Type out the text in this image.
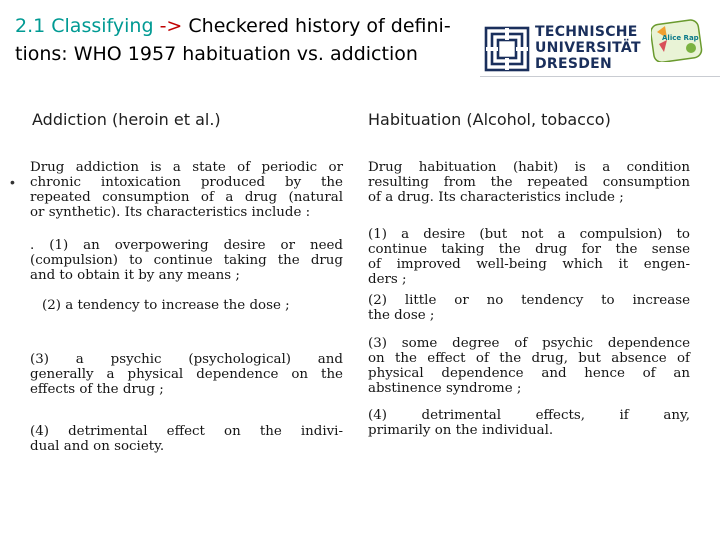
2.1 Classifying -> Checkered history of defini-
tions: WHO 1957 habituation vs. addiction
TECHNISCHE
UNIVERSITÄT
DRESDEN
Alice Rap
Addiction (heroin et al.)	Habituation (Alcohol, tobacco)
•
Drug addiction is a state of periodic or
chronic intoxication produced by the
repeated consumption of a drug (natural
or synthetic). Its characteristics include :
. (1) an overpowering desire or need
(compulsion) to continue taking the drug
and to obtain it by any means ;
(2) a tendency to increase the dose ;
(3) a psychic (psychological) and
generally a physical dependence on the
effects of the drug ;
(4) detrimental effect on the indivi-
dual and on society.
Drug habituation (habit) is a condition
resulting from the repeated consumption
of a drug. Its characteristics include ;
(1) a desire (but not a compulsion) to
continue taking the drug for the sense
of improved well-being which it engen-
ders ;
(2) little or no tendency to increase
the dose ;
(3) some degree of psychic dependence
on the effect of the drug, but absence of
physical dependence and hence of an
abstinence syndrome ;
(4) detrimental effects, if any,
primarily on the individual.
